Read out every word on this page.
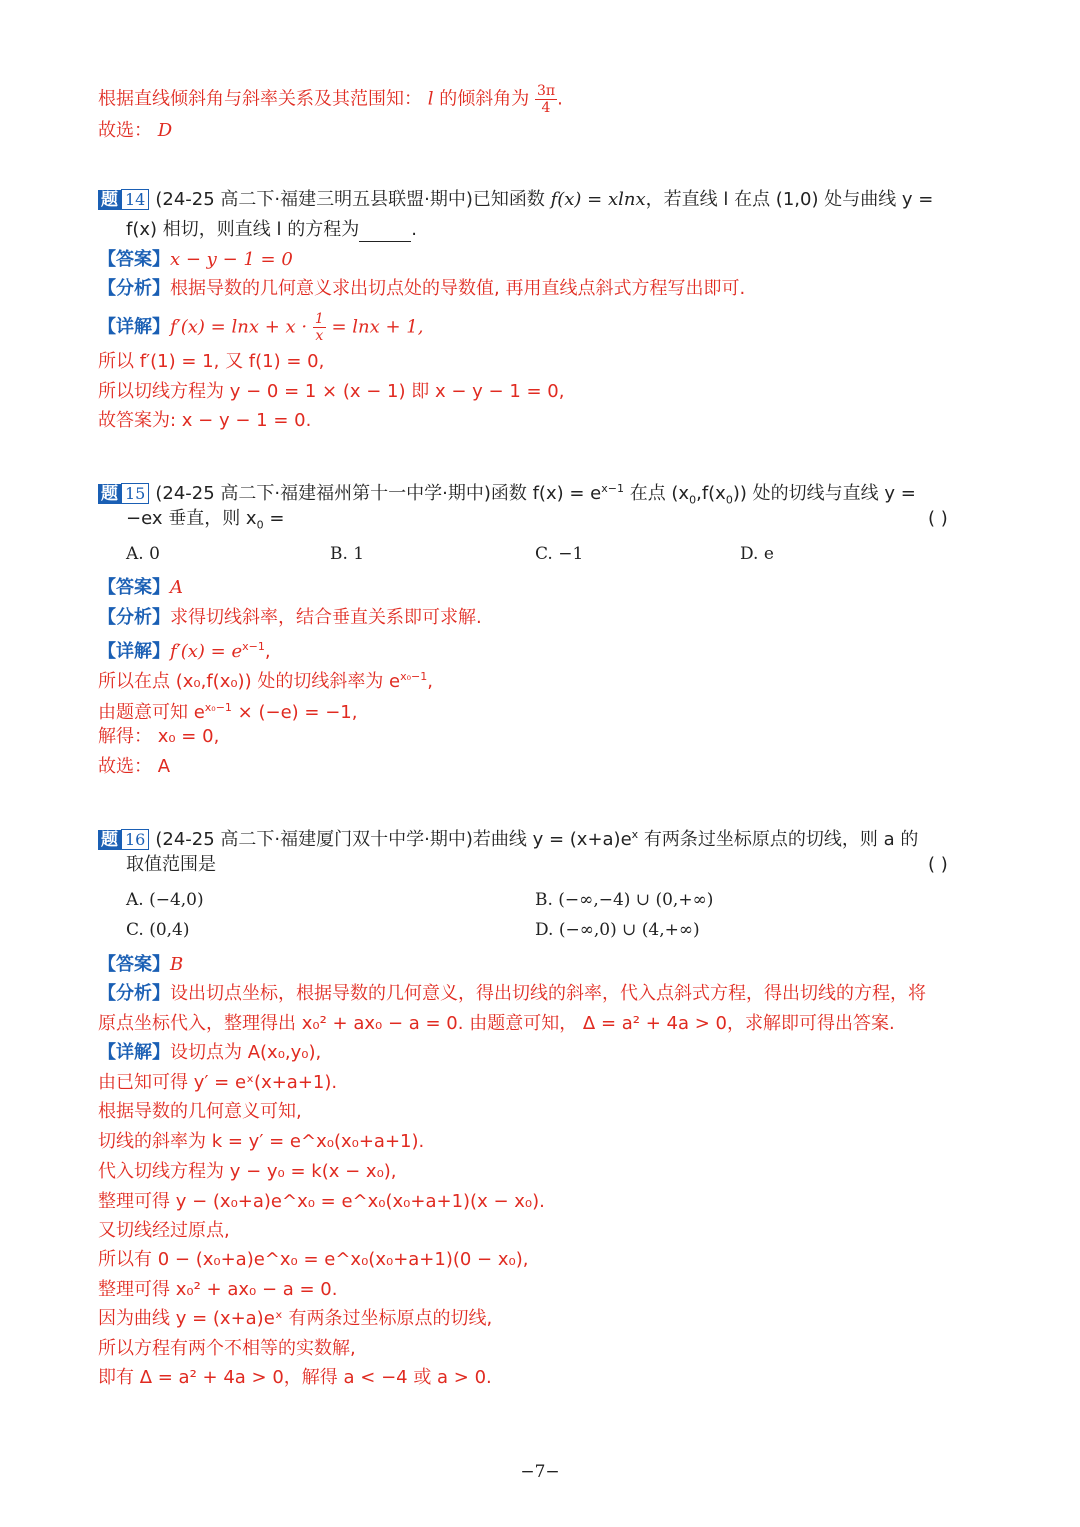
根据直线倾斜角与斜率关系及其范围知： l 的倾斜角为 $\frac{3\pi}{4}$ .
故选： D
题 14 (24-25 高二下·福建三明五县联盟·期中)已知函数 f(x) = xlnx，若直线 l 在点 (1,0) 处与曲线 y =
f(x) 相切，则直线 l 的方程为	.
【答案】x − y − 1 = 0
【分析】根据导数的几何意义求出切点处的导数值, 再用直线点斜式方程写出即可.
【详解】$f'(x) = \ln x + x \cdot \frac{1}{x} = \ln x + 1$,
所以 f′(1) = 1, 又 f(1) = 0,
所以切线方程为 y − 0 = 1 × (x − 1) 即 x − y − 1 = 0,
故答案为: x − y − 1 = 0.
题 15 (24-25 高二下·福建福州第十一中学·期中)函数 $f(x) = e^{x-1}$ 在点 $(x_0,f(x_0))$ 处的切线与直线 y =
−ex 垂直，则 $x_0$ =	( )
A. 0	B. 1	C. −1	D. e
【答案】A
【分析】求得切线斜率，结合垂直关系即可求解.
【详解】$f'(x) = e^{x-1}$,
所以在点 (x₀,f(x₀)) 处的切线斜率为 $e^{x_0-1}$,
由题意可知 $e^{x_0-1} \times (-e) = -1$,
解得： x₀ = 0,
故选： A
题 16 (24-25 高二下·福建厦门双十中学·期中)若曲线 $y = (x+a)e^x$ 有两条过坐标原点的切线，则 a 的
取值范围是	( )
A. (−4,0)	B. (−∞,−4) ∪ (0,+∞)
C. (0,4)	D. (−∞,0) ∪ (4,+∞)
【答案】B
【分析】设出切点坐标，根据导数的几何意义，得出切线的斜率，代入点斜式方程，得出切线的方程，将
原点坐标代入，整理得出 x₀² + ax₀ − a = 0. 由题意可知， Δ = a² + 4a > 0，求解即可得出答案.
【详解】设切点为 A(x₀,y₀),
由已知可得 y′ = eˣ(x+a+1).
根据导数的几何意义可知,
切线的斜率为 k = y′ = e^x₀(x₀+a+1).
代入切线方程为 y − y₀ = k(x − x₀),
整理可得 y − (x₀+a)e^x₀ = e^x₀(x₀+a+1)(x − x₀).
又切线经过原点,
所以有 0 − (x₀+a)e^x₀ = e^x₀(x₀+a+1)(0 − x₀),
整理可得 x₀² + ax₀ − a = 0.
因为曲线 y = (x+a)eˣ 有两条过坐标原点的切线,
所以方程有两个不相等的实数解,
即有 Δ = a² + 4a > 0，解得 a < −4 或 a > 0.
−7−
